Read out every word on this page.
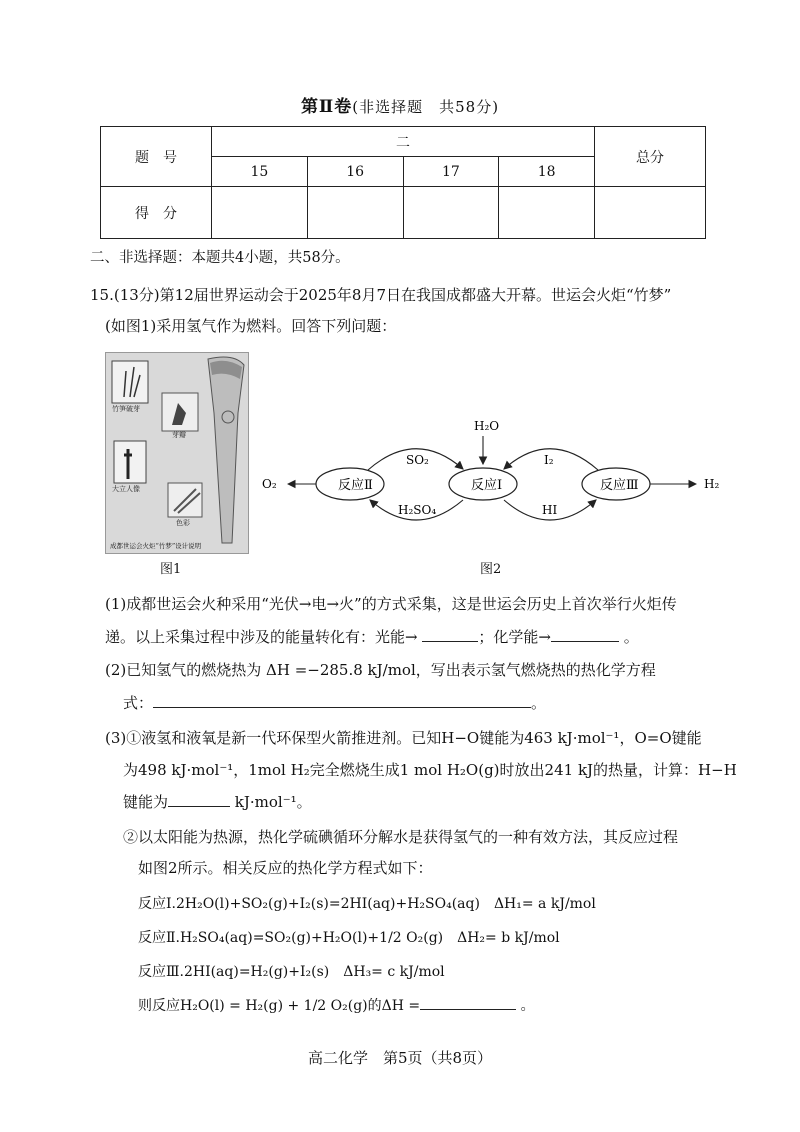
第Ⅱ卷(非选择题　共58分)
题　号	二				总分
	15	16	17	18	
得　分					
二、非选择题：本题共4小题，共58分。
15.(13分)第12届世界运动会于2025年8月7日在我国成都盛大开幕。世运会火炬“竹梦”
(如图1)采用氢气作为燃料。回答下列问题：
竹笋破芽
芽瓣
大立人像
色彩
成都世运会火炬“竹梦”设计说明
图1
反应Ⅱ	反应Ⅰ	反应Ⅲ
H₂O
O₂	H₂
SO₂
H₂SO₄
I₂
HI
图2
(1)成都世运会火种采用“光伏→电→火”的方式采集，这是世运会历史上首次举行火炬传
递。以上采集过程中涉及的能量转化有：光能→	；化学能→	。
(2)已知氢气的燃烧热为 ΔH =−285.8 kJ/mol，写出表示氢气燃烧热的热化学方程
式：	。
(3)①液氢和液氧是新一代环保型火箭推进剂。已知H−O键能为463 kJ·mol⁻¹，O=O键能
为498 kJ·mol⁻¹，1mol H₂完全燃烧生成1 mol H₂O(g)时放出241 kJ的热量，计算：H−H
键能为	kJ·mol⁻¹。
②以太阳能为热源，热化学硫碘循环分解水是获得氢气的一种有效方法，其反应过程
如图2所示。相关反应的热化学方程式如下：
反应Ⅰ.2H₂O(l)+SO₂(g)+I₂(s)=2HI(aq)+H₂SO₄(aq)　ΔH₁= a kJ/mol
反应Ⅱ.H₂SO₄(aq)=SO₂(g)+H₂O(l)+1/2 O₂(g)　ΔH₂= b kJ/mol
反应Ⅲ.2HI(aq)=H₂(g)+I₂(s)　ΔH₃= c kJ/mol
则反应H₂O(l) = H₂(g) + 1/2 O₂(g)的ΔH =	。
高二化学　第5页（共8页）
